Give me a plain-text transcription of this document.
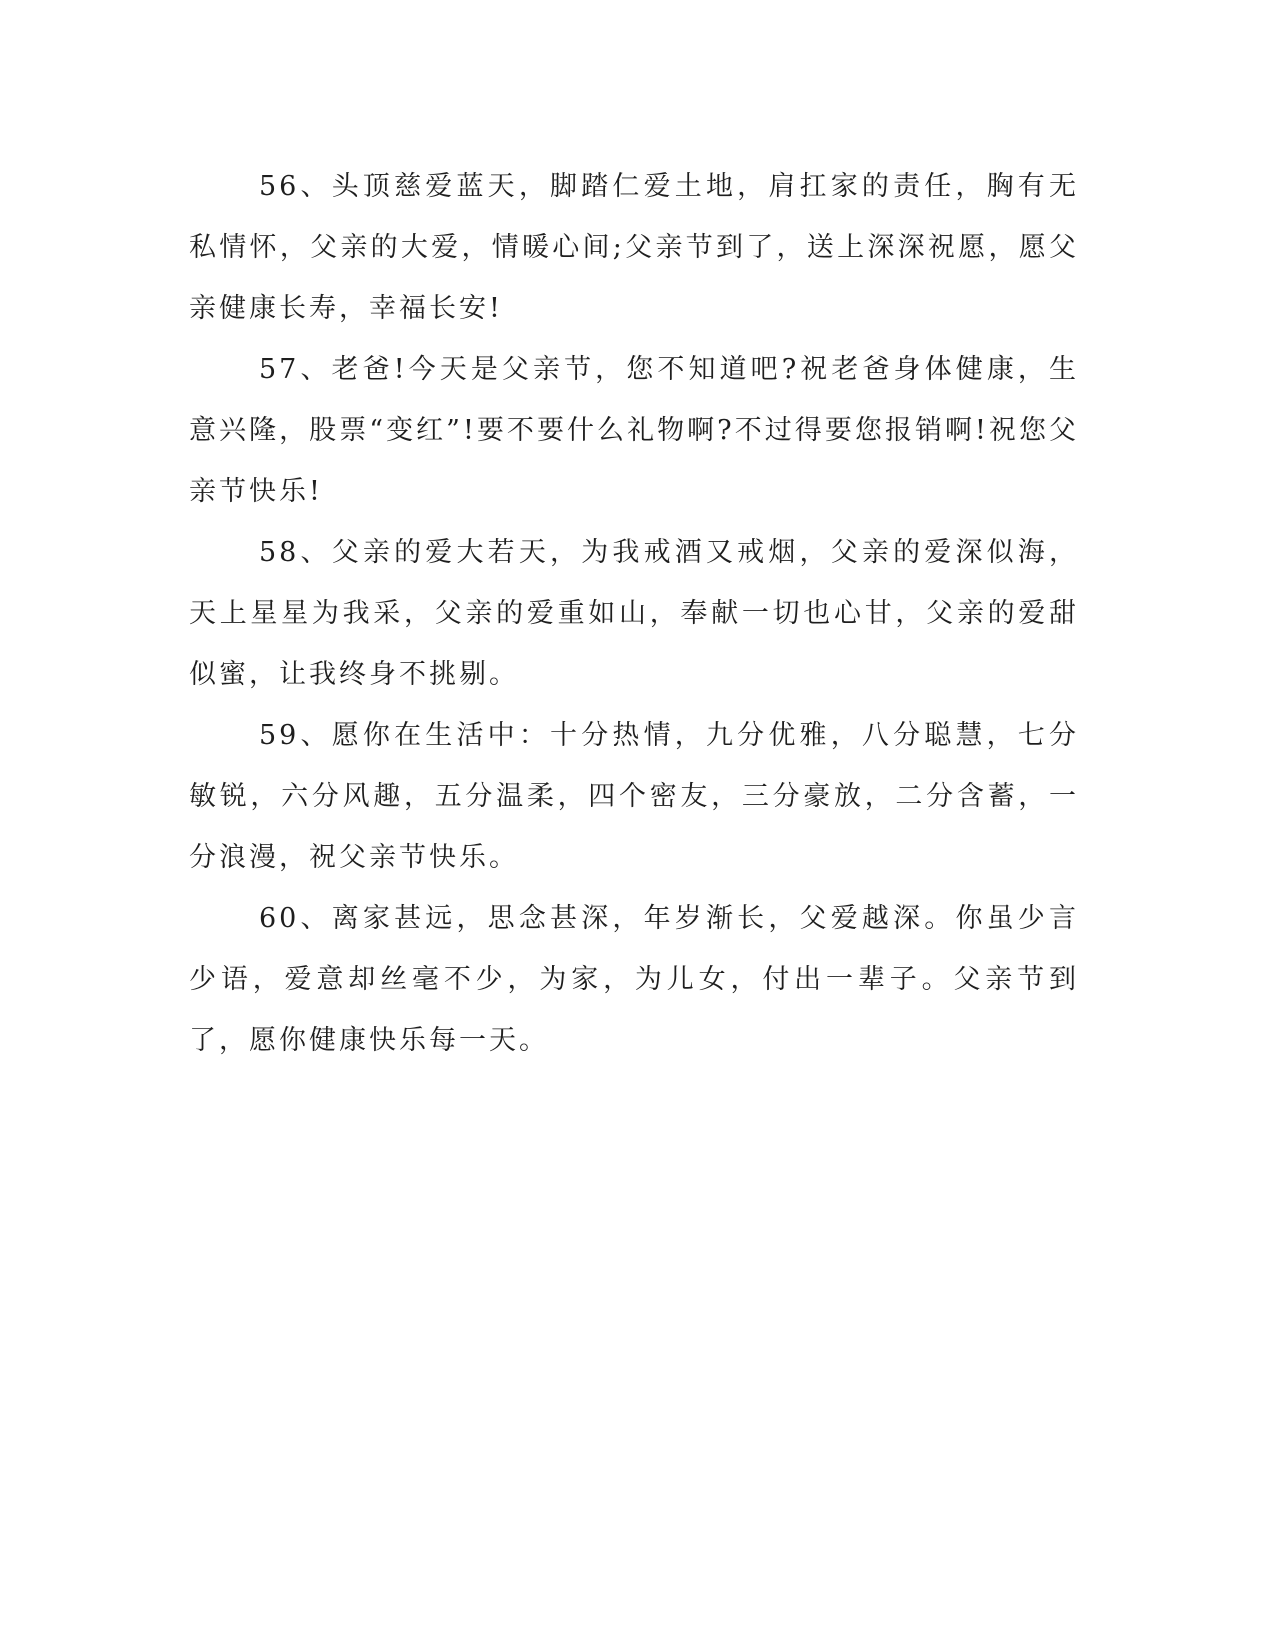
56、头顶慈爱蓝天，脚踏仁爱土地，肩扛家的责任，胸有无私情怀，父亲的大爱，情暖心间;父亲节到了，送上深深祝愿，愿父亲健康长寿，幸福长安!

57、老爸!今天是父亲节，您不知道吧?祝老爸身体健康，生意兴隆，股票“变红”!要不要什么礼物啊?不过得要您报销啊!祝您父亲节快乐!

58、父亲的爱大若天，为我戒酒又戒烟，父亲的爱深似海，天上星星为我采，父亲的爱重如山，奉献一切也心甘，父亲的爱甜似蜜，让我终身不挑剔。

59、愿你在生活中：十分热情，九分优雅，八分聪慧，七分敏锐，六分风趣，五分温柔，四个密友，三分豪放，二分含蓄，一分浪漫，祝父亲节快乐。

60、离家甚远，思念甚深，年岁渐长，父爱越深。你虽少言少语，爱意却丝毫不少，为家，为儿女，付出一辈子。父亲节到了，愿你健康快乐每一天。
